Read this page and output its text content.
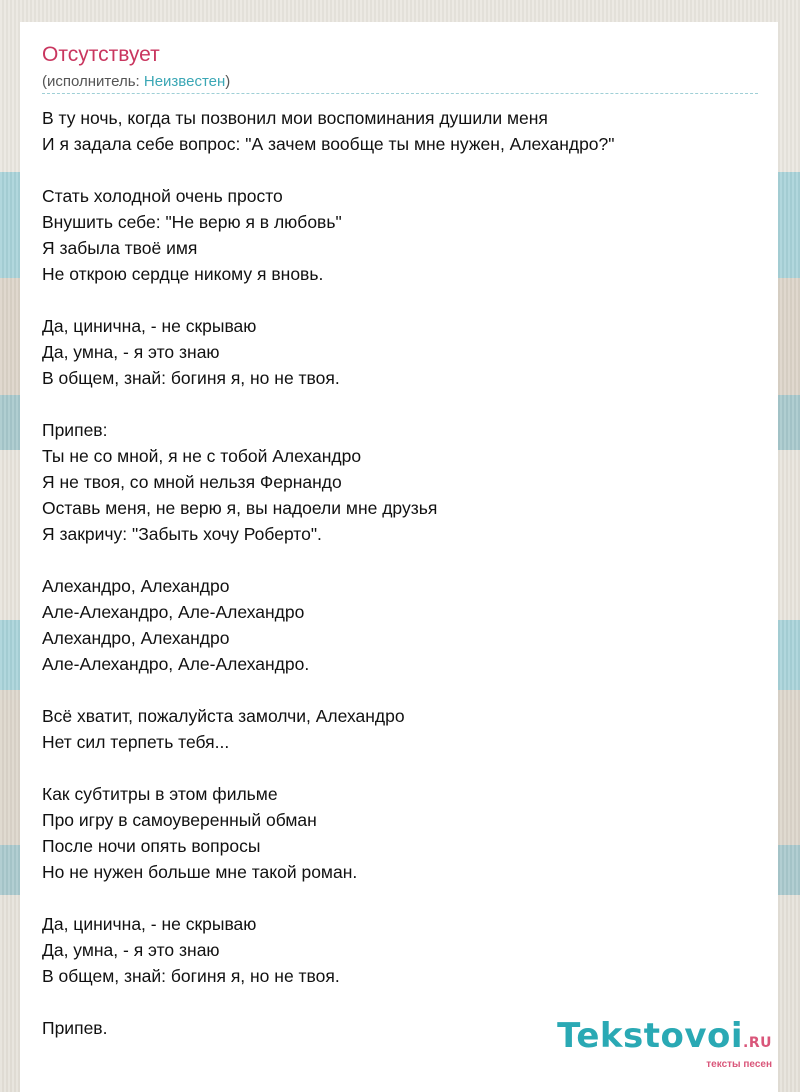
Отсутствует
(исполнитель: Неизвестен)
В ту ночь, когда ты позвонил мои воспоминания душили меня
И я задала себе вопрос: "А зачем вообще ты мне нужен, Алехандро?"

Стать холодной очень просто
Внушить себе: "Не верю я в любовь"
Я забыла твоё имя
Не открою сердце никому я вновь.

Да, цинична, - не скрываю
Да, умна, - я это знаю
В общем, знай: богиня я, но не твоя.

Припев:
Ты не со мной, я не с тобой Алехандро
Я не твоя, со мной нельзя Фернандо
Оставь меня, не верю я, вы надоели мне друзья
Я закричу: "Забыть хочу Роберто".

Алехандро, Алехандро
Але-Алехандро, Але-Алехандро
Алехандро, Алехандро
Але-Алехандро, Але-Алехандро.

Всё хватит, пожалуйста замолчи, Алехандро
Нет сил терпеть тебя...

Как субтитры в этом фильме
Про игру в самоуверенный обман
После ночи опять вопросы
Но не нужен больше мне такой роман.

Да, цинична, - не скрываю
Да, умна, - я это знаю
В общем, знай: богиня я, но не твоя.

Припев.	Tekstovoi.RU
тексты песен
